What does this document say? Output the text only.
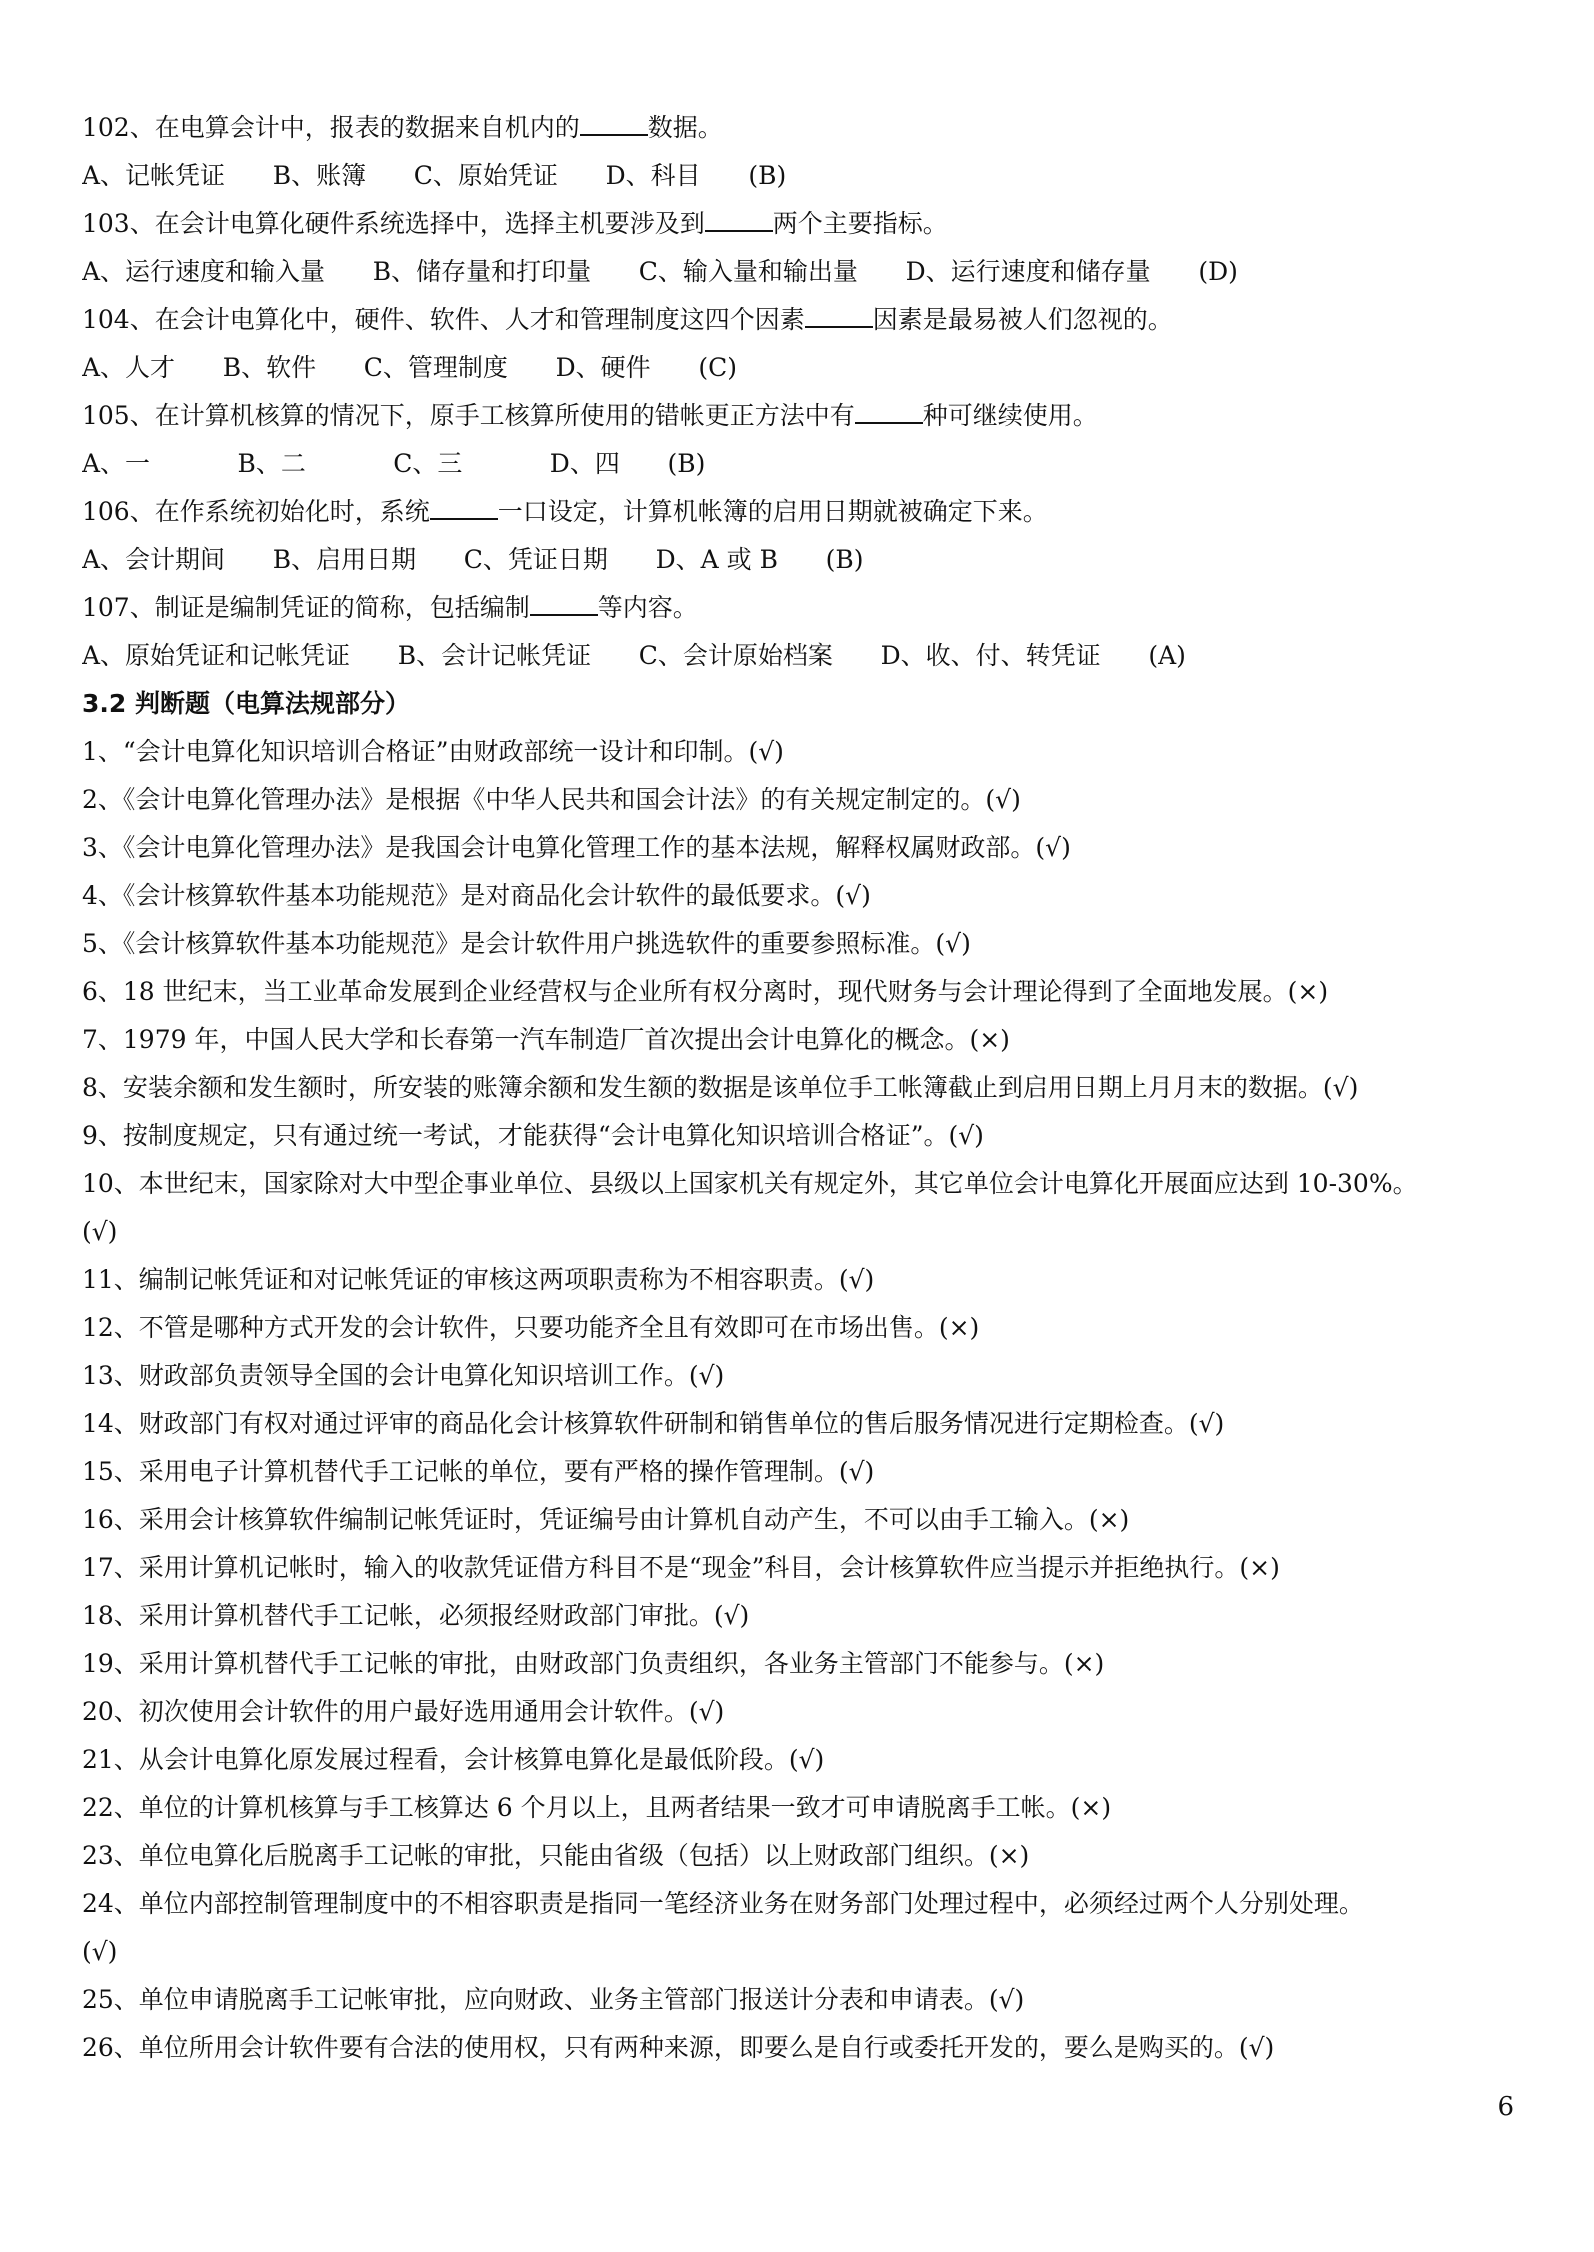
102、在电算会计中，报表的数据来自机内的	数据。
A、记帐凭证      B、账簿      C、原始凭证      D、科目      (B)
103、在会计电算化硬件系统选择中，选择主机要涉及到	两个主要指标。
A、运行速度和输入量      B、储存量和打印量      C、输入量和输出量      D、运行速度和储存量      (D)
104、在会计电算化中，硬件、软件、人才和管理制度这四个因素	因素是最易被人们忽视的。
A、人才      B、软件      C、管理制度      D、硬件      (C)
105、在计算机核算的情况下，原手工核算所使用的错帐更正方法中有	种可继续使用。
A、一           B、二           C、三           D、四      (B)
106、在作系统初始化时，系统	一口设定，计算机帐簿的启用日期就被确定下来。
A、会计期间      B、启用日期      C、凭证日期      D、A 或 B      (B)
107、制证是编制凭证的简称，包括编制	等内容。
A、原始凭证和记帐凭证      B、会计记帐凭证      C、会计原始档案      D、收、付、转凭证      (A)
3.2 判断题（电算法规部分）
1、“会计电算化知识培训合格证”由财政部统一设计和印制。(√)
2、《会计电算化管理办法》是根据《中华人民共和国会计法》的有关规定制定的。(√)
3、《会计电算化管理办法》是我国会计电算化管理工作的基本法规，解释权属财政部。(√)
4、《会计核算软件基本功能规范》是对商品化会计软件的最低要求。(√)
5、《会计核算软件基本功能规范》是会计软件用户挑选软件的重要参照标准。(√)
6、18 世纪末，当工业革命发展到企业经营权与企业所有权分离时，现代财务与会计理论得到了全面地发展。(×)
7、1979 年，中国人民大学和长春第一汽车制造厂首次提出会计电算化的概念。(×)
8、安装余额和发生额时，所安装的账簿余额和发生额的数据是该单位手工帐簿截止到启用日期上月月末的数据。(√)
9、按制度规定，只有通过统一考试，才能获得“会计电算化知识培训合格证”。(√)
10、本世纪末，国家除对大中型企事业单位、县级以上国家机关有规定外，其它单位会计电算化开展面应达到 10-30%。
(√)
11、编制记帐凭证和对记帐凭证的审核这两项职责称为不相容职责。(√)
12、不管是哪种方式开发的会计软件，只要功能齐全且有效即可在市场出售。(×)
13、财政部负责领导全国的会计电算化知识培训工作。(√)
14、财政部门有权对通过评审的商品化会计核算软件研制和销售单位的售后服务情况进行定期检查。(√)
15、采用电子计算机替代手工记帐的单位，要有严格的操作管理制。(√)
16、采用会计核算软件编制记帐凭证时，凭证编号由计算机自动产生，不可以由手工输入。(×)
17、采用计算机记帐时，输入的收款凭证借方科目不是“现金”科目，会计核算软件应当提示并拒绝执行。(×)
18、采用计算机替代手工记帐，必须报经财政部门审批。(√)
19、采用计算机替代手工记帐的审批，由财政部门负责组织，各业务主管部门不能参与。(×)
20、初次使用会计软件的用户最好选用通用会计软件。(√)
21、从会计电算化原发展过程看，会计核算电算化是最低阶段。(√)
22、单位的计算机核算与手工核算达 6 个月以上，且两者结果一致才可申请脱离手工帐。(×)
23、单位电算化后脱离手工记帐的审批，只能由省级（包括）以上财政部门组织。(×)
24、单位内部控制管理制度中的不相容职责是指同一笔经济业务在财务部门处理过程中，必须经过两个人分别处理。
(√)
25、单位申请脱离手工记帐审批，应向财政、业务主管部门报送计分表和申请表。(√)
26、单位所用会计软件要有合法的使用权，只有两种来源，即要么是自行或委托开发的，要么是购买的。(√)
6
